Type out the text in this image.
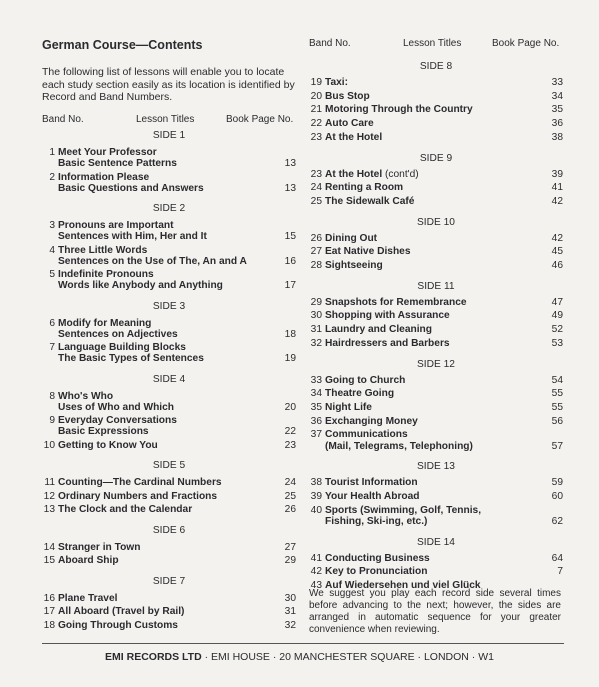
German Course—Contents
The following list of lessons will enable you to locate each study section easily as its location is identified by Record and Band Numbers.
Band No.	Lesson Titles	Book Page No.
Band No.	Lesson Titles	Book Page No.
SIDE 1
1 Meet Your Professor
Basic Sentence Patterns	13
2 Information Please
Basic Questions and Answers	13
SIDE 2
3 Pronouns are Important
Sentences with Him, Her and It	15
4 Three Little Words
Sentences on the Use of The, An and A	16
5 Indefinite Pronouns
Words like Anybody and Anything	17
SIDE 3
6 Modify for Meaning
Sentences on Adjectives	18
7 Language Building Blocks
The Basic Types of Sentences	19
SIDE 4
8 Who's Who
Uses of Who and Which	20
9 Everyday Conversations
Basic Expressions	22
10 Getting to Know You	23
SIDE 5
11 Counting—The Cardinal Numbers	24
12 Ordinary Numbers and Fractions	25
13 The Clock and the Calendar	26
SIDE 6
14 Stranger in Town	27
15 Aboard Ship	29
SIDE 7
16 Plane Travel	30
17 All Aboard (Travel by Rail)	31
18 Going Through Customs	32
SIDE 8
19 Taxi:	33
20 Bus Stop	34
21 Motoring Through the Country	35
22 Auto Care	36
23 At the Hotel	38
SIDE 9
23 At the Hotel (cont'd)	39
24 Renting a Room	41
25 The Sidewalk Café	42
SIDE 10
26 Dining Out	42
27 Eat Native Dishes	45
28 Sightseeing	46
SIDE 11
29 Snapshots for Remembrance	47
30 Shopping with Assurance	49
31 Laundry and Cleaning	52
32 Hairdressers and Barbers	53
SIDE 12
33 Going to Church	54
34 Theatre Going	55
35 Night Life	55
36 Exchanging Money	56
37 Communications
(Mail, Telegrams, Telephoning)	57
SIDE 13
38 Tourist Information	59
39 Your Health Abroad	60
40 Sports (Swimming, Golf, Tennis,
Fishing, Ski-ing, etc.)	62
SIDE 14
41 Conducting Business	64
42 Key to Pronunciation	7
43 Auf Wiedersehen und viel Glück
We suggest you play each record side several times before advancing to the next; however, the sides are arranged in automatic sequence for your greater convenience when reviewing.
EMI RECORDS LTD · EMI HOUSE · 20 MANCHESTER SQUARE · LONDON · W1
